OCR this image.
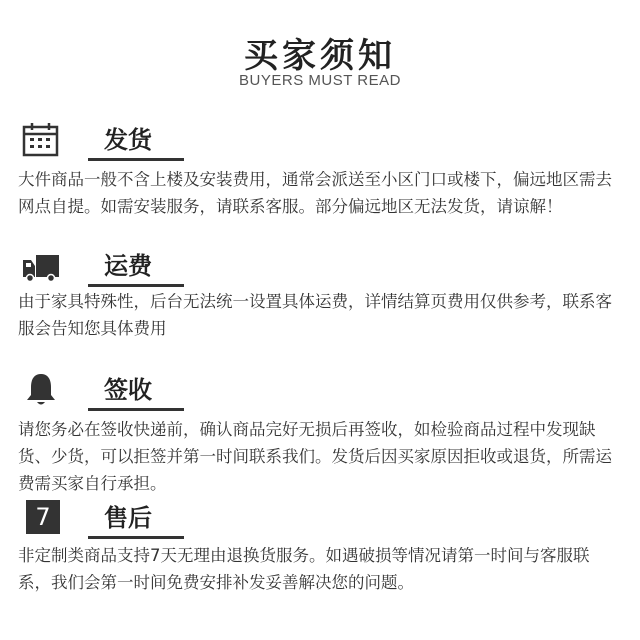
买家须知
BUYERS MUST READ
发货
大件商品一般不含上楼及安装费用，通常会派送至小区门口或楼下，偏远地区需去网点自提。如需安装服务，请联系客服。部分偏远地区无法发货，请谅解！
运费
由于家具特殊性，后台无法统一设置具体运费，详情结算页费用仅供参考，联系客服会告知您具体费用
签收
请您务必在签收快递前，确认商品完好无损后再签收，如检验商品过程中发现缺货、少货，可以拒签并第一时间联系我们。发货后因买家原因拒收或退货，所需运费需买家自行承担。
7	售后
非定制类商品支持7天无理由退换货服务。如遇破损等情况请第一时间与客服联系，我们会第一时间免费安排补发妥善解决您的问题。
